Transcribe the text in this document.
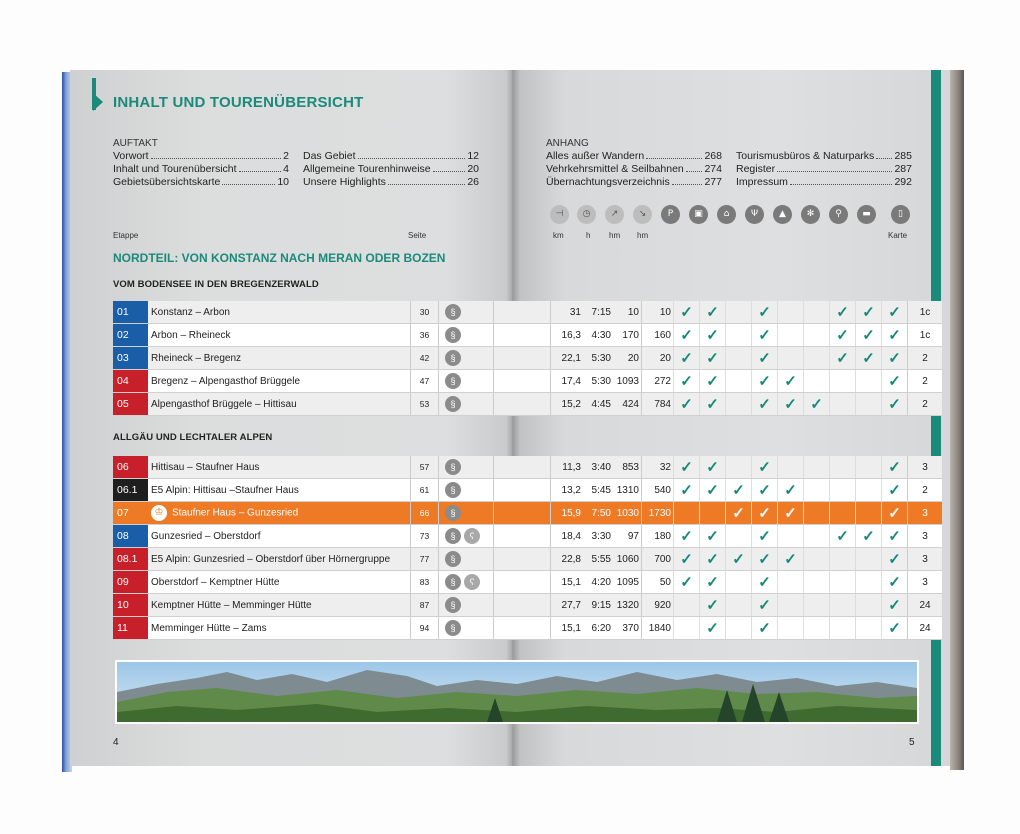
INHALT UND TOURENÜBERSICHT
AUFTAKT
Vorwort	2
Inhalt und Tourenübersicht	4
Gebietsübersichtskarte	10
Das Gebiet	12
Allgemeine Tourenhinweise	20
Unsere Highlights	26
ANHANG
Alles außer Wandern	268
Vehrkehrsmittel & Seilbahnen 274
Übernachtungsverzeichnis	277
Tourismusbüros & Naturparks 285
Register	287
Impressum	292
Etappe	Seite
⊣	◷	↗	↘	P	▣	⌂	Ψ	▲	✻	⚲	▬	▯
km	h hm hm	Karte
NORDTEIL: VON KONSTANZ NACH MERAN ODER BOZEN
VOM BODENSEE IN DEN BREGENZERWALD
01	Konstanz – Arbon	30	§			31	7:15	10	10	✓	✓		✓			✓	✓	✓	1c
02	Arbon – Rheineck	36	§			16,3	4:30	170	160	✓	✓		✓			✓	✓	✓	1c
03	Rheineck – Bregenz	42	§			22,1	5:30	20	20	✓	✓		✓			✓	✓	✓	2
04	Bregenz – Alpengasthof Brüggele	47	§			17,4	5:30	1093	272	✓	✓		✓	✓				✓	2
05	Alpengasthof Brüggele – Hittisau	53	§			15,2	4:45	424	784	✓	✓		✓	✓	✓			✓	2
ALLGÄU UND LECHTALER ALPEN
06	Hittisau – Staufner Haus	57	§			11,3	3:40	853	32	✓	✓		✓					✓	3
06.1	E5 Alpin: Hittisau –Staufner Haus	61	§			13,2	5:45	1310	540	✓	✓	✓	✓	✓				✓	2
07	♔ Staufner Haus – Gunzesried	66	§			15,9	7:50	1030	1730			✓	✓	✓				✓	3
08	Gunzesried – Oberstdorf	73	§ ʕ			18,4	3:30	97	180	✓	✓		✓			✓	✓	✓	3
08.1	E5 Alpin: Gunzesried – Oberstdorf über Hörnergruppe	77	§			22,8	5:55	1060	700	✓	✓	✓	✓	✓				✓	3
09	Oberstdorf – Kemptner Hütte	83	§ ʕ			15,1	4:20	1095	50	✓	✓		✓					✓	3
10	Kemptner Hütte – Memminger Hütte	87	§			27,7	9:15	1320	920		✓		✓					✓	24
11	Memminger Hütte – Zams	94	§			15,1	6:20	370	1840		✓		✓					✓	24
4	5
